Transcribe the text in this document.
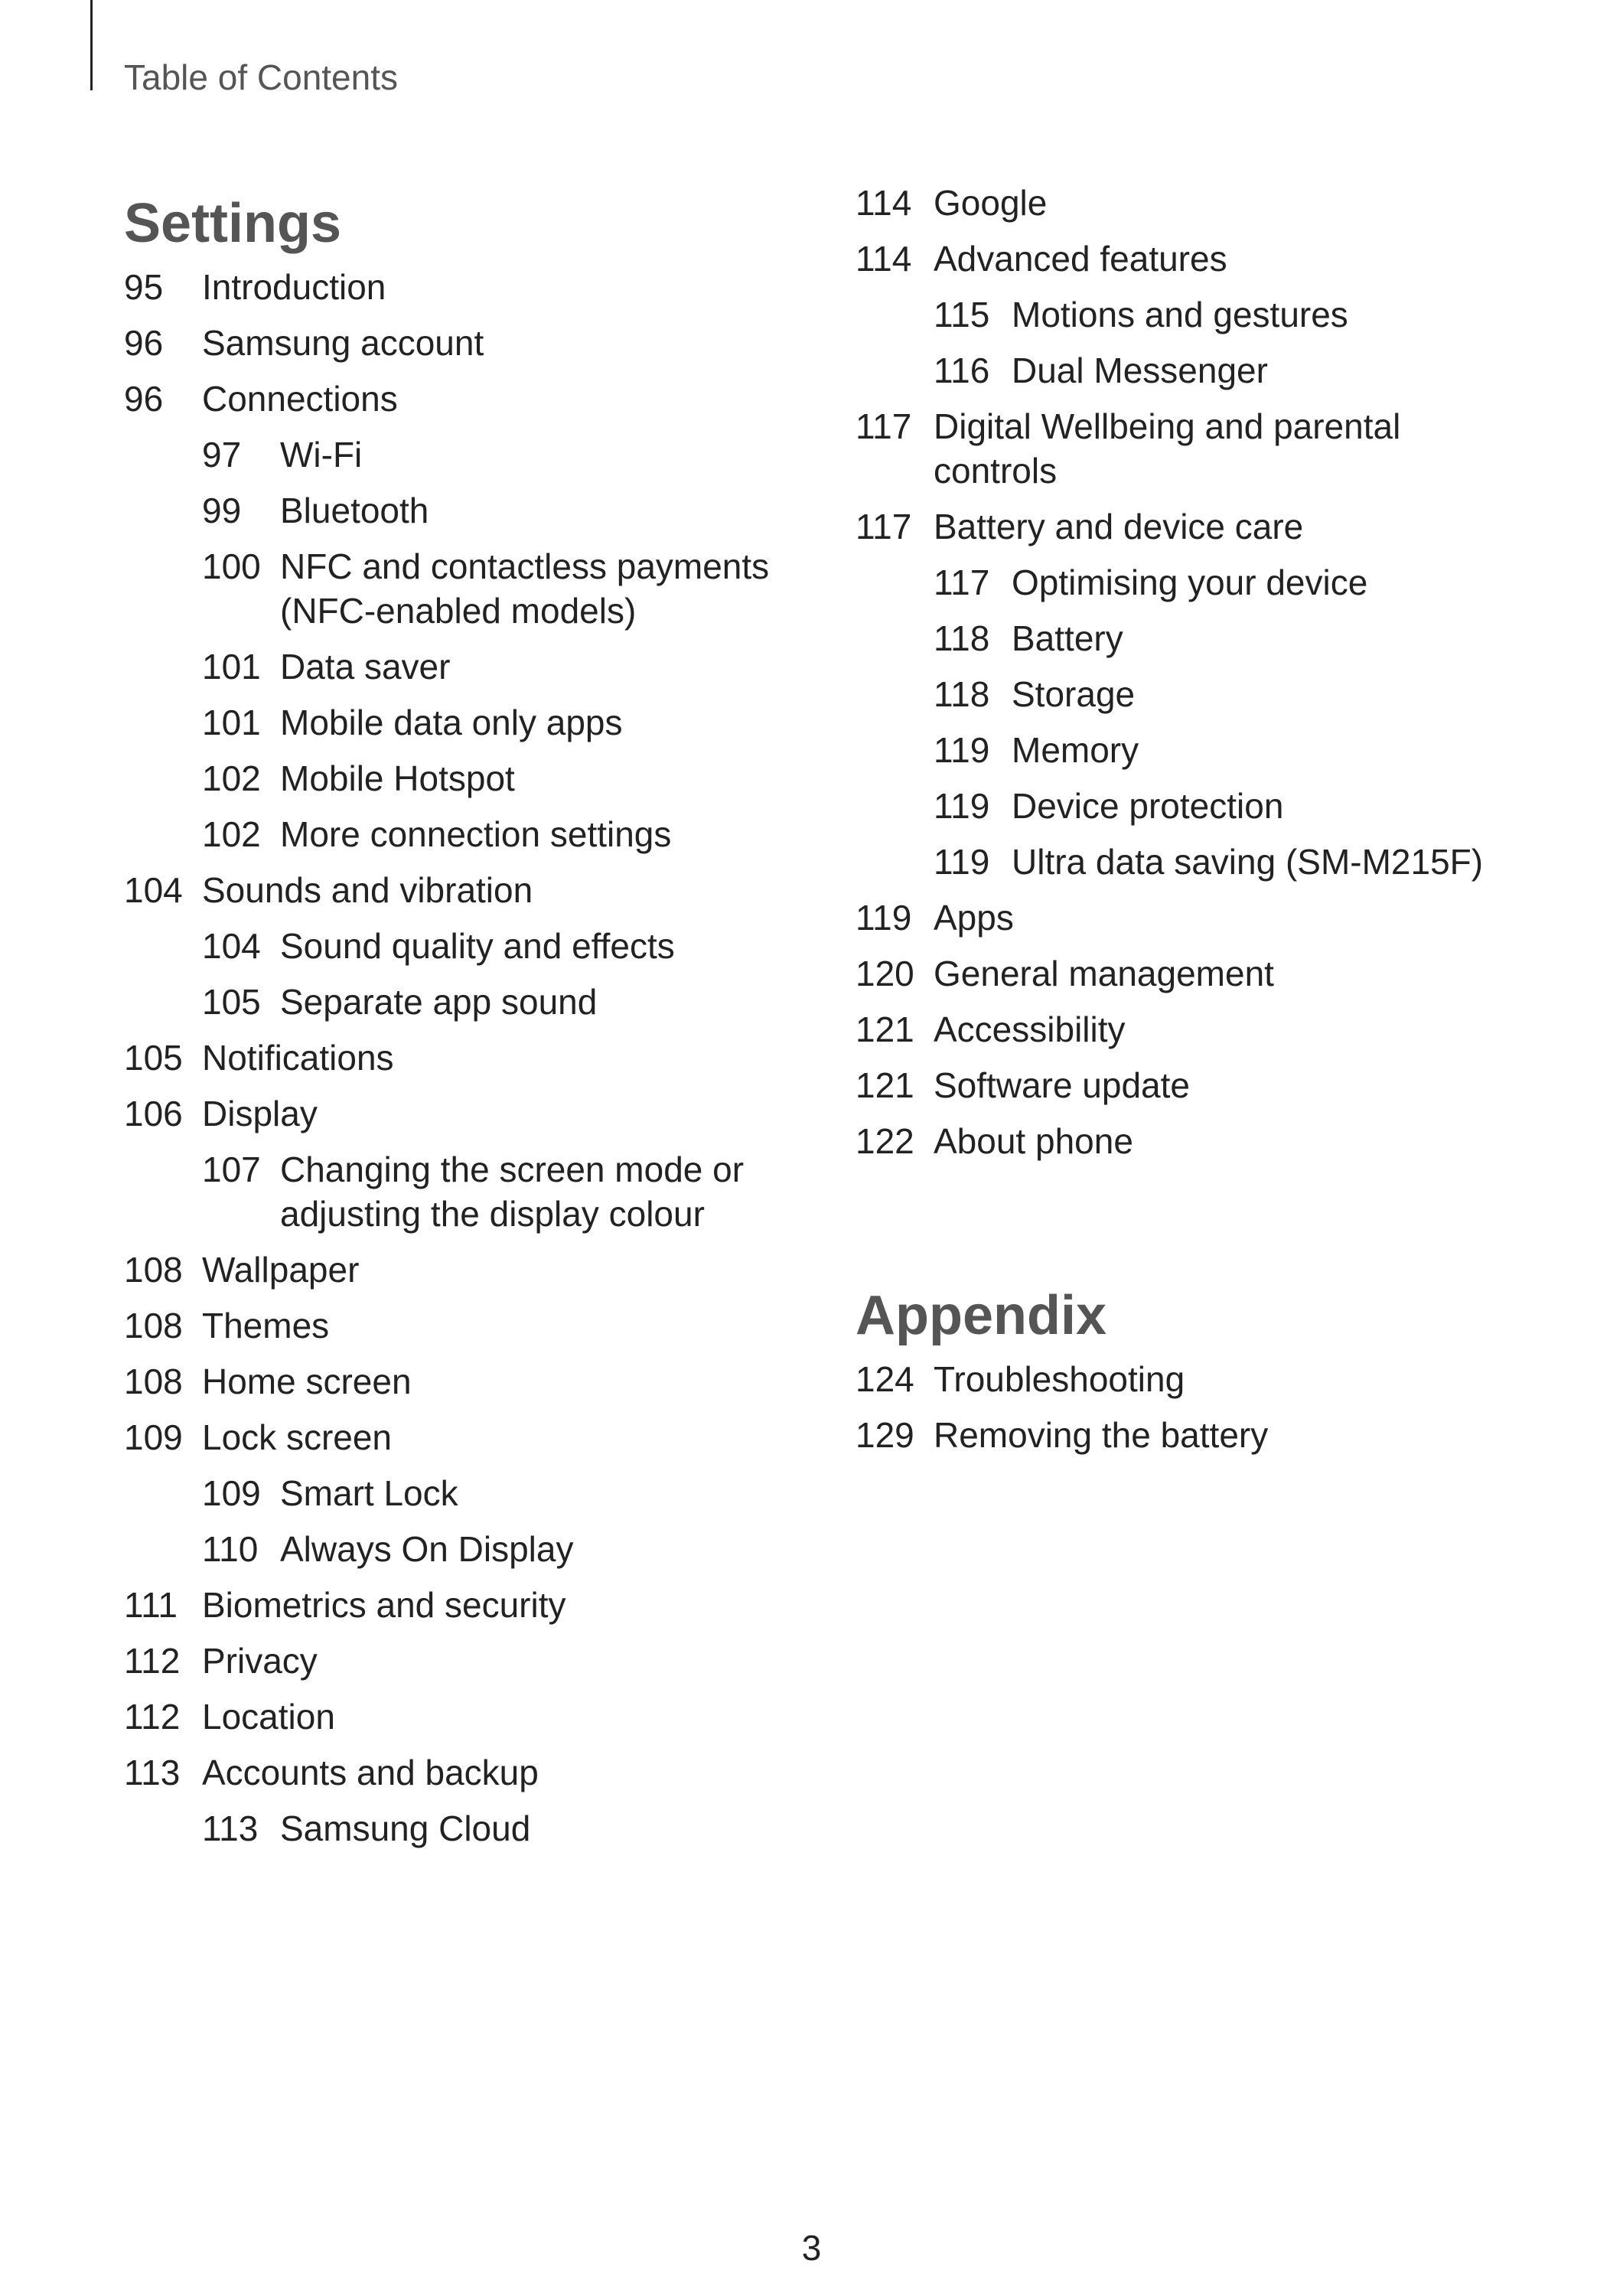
Table of Contents
Settings
95	Introduction
96	Samsung account
96	Connections
97	Wi-Fi
99	Bluetooth
100 NFC and contactless payments (NFC-enabled models)
101 Data saver
101 Mobile data only apps
102 Mobile Hotspot
102 More connection settings
104 Sounds and vibration
104 Sound quality and effects
105 Separate app sound
105 Notifications
106 Display
107 Changing the screen mode or adjusting the display colour
108 Wallpaper
108 Themes
108 Home screen
109 Lock screen
109 Smart Lock
110 Always On Display
111 Biometrics and security
112 Privacy
112 Location
113 Accounts and backup
113 Samsung Cloud
114 Google
114 Advanced features
115 Motions and gestures
116 Dual Messenger
117 Digital Wellbeing and parental controls
117 Battery and device care
117 Optimising your device
118 Battery
118 Storage
119 Memory
119 Device protection
119 Ultra data saving (SM-M215F)
119 Apps
120 General management
121 Accessibility
121 Software update
122 About phone
Appendix
124 Troubleshooting
129 Removing the battery
3
